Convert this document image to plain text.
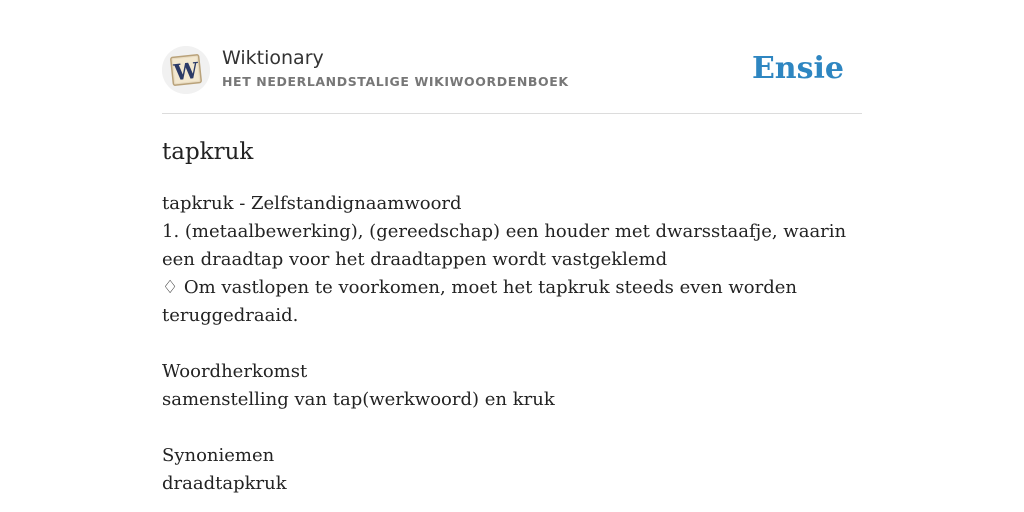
W Wiktionary
HET NEDERLANDSTALIGE WIKIWOORDENBOEK	Ensie
tapkruk
tapkruk - Zelfstandignaamwoord
1. (metaalbewerking), (gereedschap) een houder met dwarsstaafje, waarin een draadtap voor het draadtappen wordt vastgeklemd
♢ Om vastlopen te voorkomen, moet het tapkruk steeds even worden teruggedraaid.
Woordherkomst
samenstelling van tap(werkwoord) en kruk
Synoniemen
draadtapkruk
